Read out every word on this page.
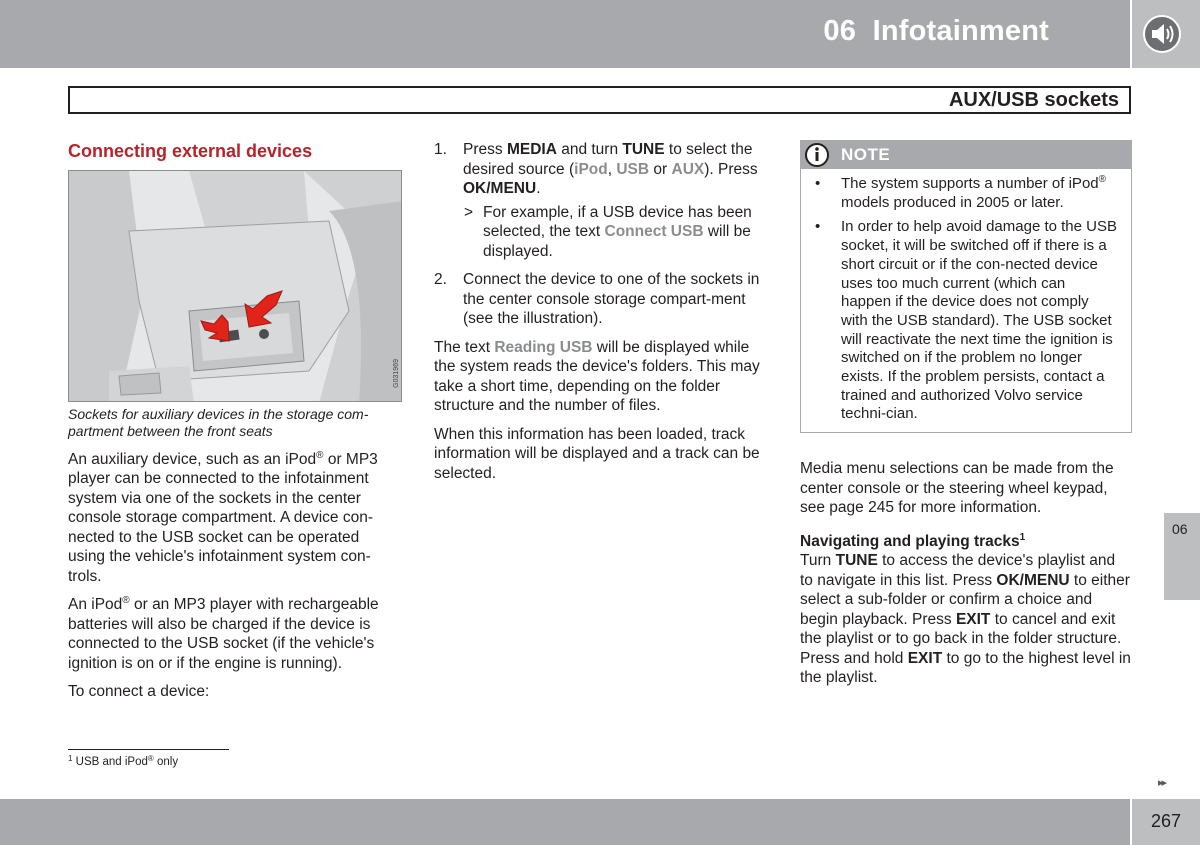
06 Infotainment
AUX/USB sockets
Connecting external devices
G031969
Sockets for auxiliary devices in the storage com-partment between the front seats

An auxiliary device, such as an iPod® or MP3 player can be connected to the infotainment system via one of the sockets in the center console storage compartment. A device con-nected to the USB socket can be operated using the vehicle's infotainment system con-trols.

An iPod® or an MP3 player with rechargeable batteries will also be charged if the device is connected to the USB socket (if the vehicle's ignition is on or if the engine is running).

To connect a device:

1. Press MEDIA and turn TUNE to select the desired source (iPod, USB or AUX). Press OK/MENU.
> For example, if a USB device has been selected, the text Connect USB will be displayed.
2. Connect the device to one of the sockets in the center console storage compart-ment (see the illustration).

The text Reading USB will be displayed while the system reads the device's folders. This may take a short time, depending on the folder structure and the number of files.

When this information has been loaded, track information will be displayed and a track can be selected.

NOTE
• The system supports a number of iPod® models produced in 2005 or later.
• In order to help avoid damage to the USB socket, it will be switched off if there is a short circuit or if the con-nected device uses too much current (which can happen if the device does not comply with the USB standard). The USB socket will reactivate the next time the ignition is switched on if the problem no longer exists. If the problem persists, contact a trained and authorized Volvo service techni-cian.

Media menu selections can be made from the center console or the steering wheel keypad, see page 245 for more information.

Navigating and playing tracks$^1$

Turn TUNE to access the device's playlist and to navigate in this list. Press OK/MENU to either select a sub-folder or confirm a choice and begin playback. Press EXIT to cancel and exit the playlist or to go back in the folder structure. Press and hold EXIT to go to the highest level in the playlist.

$^1$ USB and iPod® only
06
▸▸
267
